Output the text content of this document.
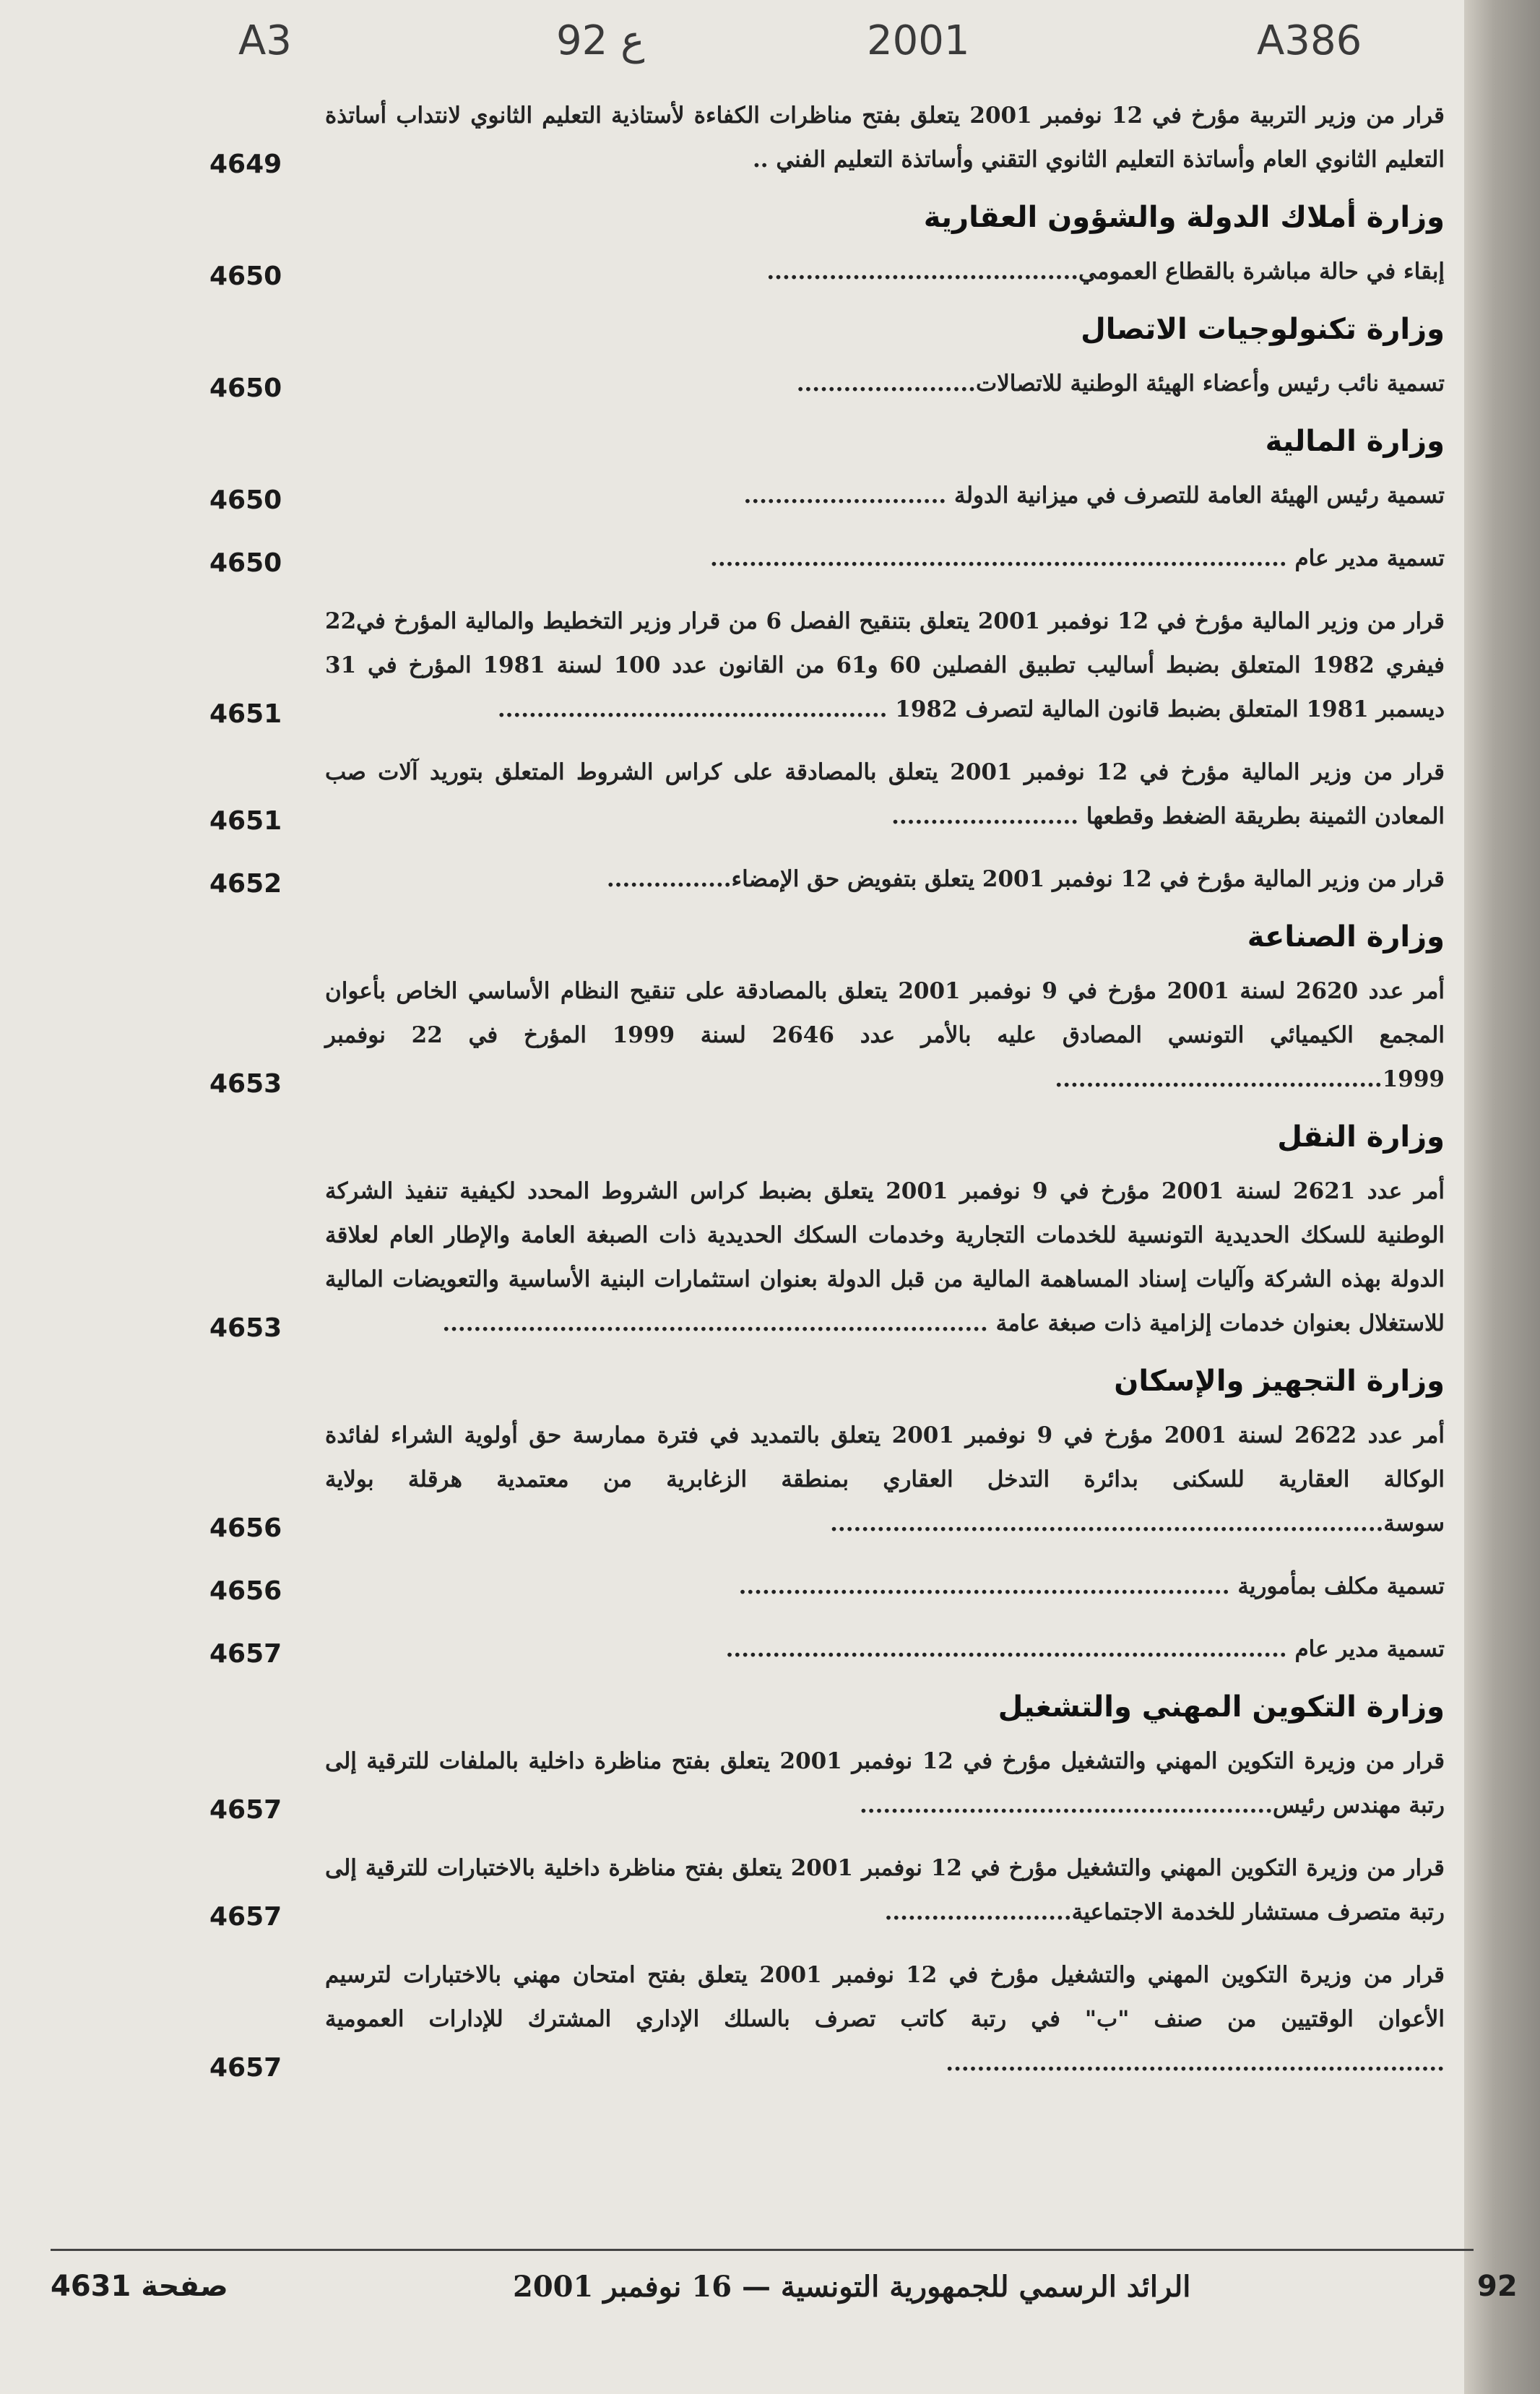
A3	92 ع	2001	A386
قرار من وزير التربية مؤرخ في 12 نوفمبر 2001 يتعلق بفتح مناظرات الكفاءة لأستاذية التعليم الثانوي لانتداب أساتذة التعليم الثانوي العام وأساتذة التعليم الثانوي التقني وأساتذة التعليم الفني ..
4649
وزارة أملاك الدولة والشؤون العقارية
إبقاء في حالة مباشرة بالقطاع العمومي........................................
4650
وزارة تكنولوجيات الاتصال
تسمية نائب رئيس وأعضاء الهيئة الوطنية للاتصالات.......................
4650
وزارة المالية
تسمية رئيس الهيئة العامة للتصرف في ميزانية الدولة ..........................
4650
تسمية مدير عام ..........................................................................
4650
قرار من وزير المالية مؤرخ في 12 نوفمبر 2001 يتعلق بتنقيح الفصل 6 من قرار وزير التخطيط والمالية المؤرخ في22 فيفري 1982 المتعلق بضبط أساليب تطبيق الفصلين 60 و61 من القانون عدد 100 لسنة 1981 المؤرخ في 31 ديسمبر 1981 المتعلق بضبط قانون المالية لتصرف 1982 ..................................................
4651
قرار من وزير المالية مؤرخ في 12 نوفمبر 2001 يتعلق بالمصادقة على كراس الشروط المتعلق بتوريد آلات صب المعادن الثمينة بطريقة الضغط وقطعها ........................
4651
قرار من وزير المالية مؤرخ في 12 نوفمبر 2001 يتعلق بتفويض حق الإمضاء................
4652
وزارة الصناعة
أمر عدد 2620 لسنة 2001 مؤرخ في 9 نوفمبر 2001 يتعلق بالمصادقة على تنقيح النظام الأساسي الخاص بأعوان المجمع الكيميائي التونسي المصادق عليه بالأمر عدد 2646 لسنة 1999 المؤرخ في 22 نوفمبر 1999..........................................
4653
وزارة النقل
أمر عدد 2621 لسنة 2001 مؤرخ في 9 نوفمبر 2001 يتعلق بضبط كراس الشروط المحدد لكيفية تنفيذ الشركة الوطنية للسكك الحديدية التونسية للخدمات التجارية وخدمات السكك الحديدية ذات الصبغة العامة والإطار العام لعلاقة الدولة بهذه الشركة وآليات إسناد المساهمة المالية من قبل الدولة بعنوان استثمارات البنية الأساسية والتعويضات المالية للاستغلال بعنوان خدمات إلزامية ذات صبغة عامة ......................................................................
4653
وزارة التجهيز والإسكان
أمر عدد 2622 لسنة 2001 مؤرخ في 9 نوفمبر 2001 يتعلق بالتمديد في فترة ممارسة حق أولوية الشراء لفائدة الوكالة العقارية للسكنى بدائرة التدخل العقاري بمنطقة الزغابرية من معتمدية هرقلة بولاية سوسة.......................................................................
4656
تسمية مكلف بمأمورية ...............................................................
4656
تسمية مدير عام ........................................................................
4657
وزارة التكوين المهني والتشغيل
قرار من وزيرة التكوين المهني والتشغيل مؤرخ في 12 نوفمبر 2001 يتعلق بفتح مناظرة داخلية بالملفات للترقية إلى رتبة مهندس رئيس.....................................................
4657
قرار من وزيرة التكوين المهني والتشغيل مؤرخ في 12 نوفمبر 2001 يتعلق بفتح مناظرة داخلية بالاختبارات للترقية إلى رتبة متصرف مستشار للخدمة الاجتماعية........................
4657
قرار من وزيرة التكوين المهني والتشغيل مؤرخ في 12 نوفمبر 2001 يتعلق بفتح امتحان مهني بالاختبارات لترسيم الأعوان الوقتيين من صنف "ب" في رتبة كاتب تصرف بالسلك الإداري المشترك للإدارات العمومية ................................................................
4657
صفحة 4631	الرائد الرسمي للجمهورية التونسية — 16 نوفمبر 2001	92
